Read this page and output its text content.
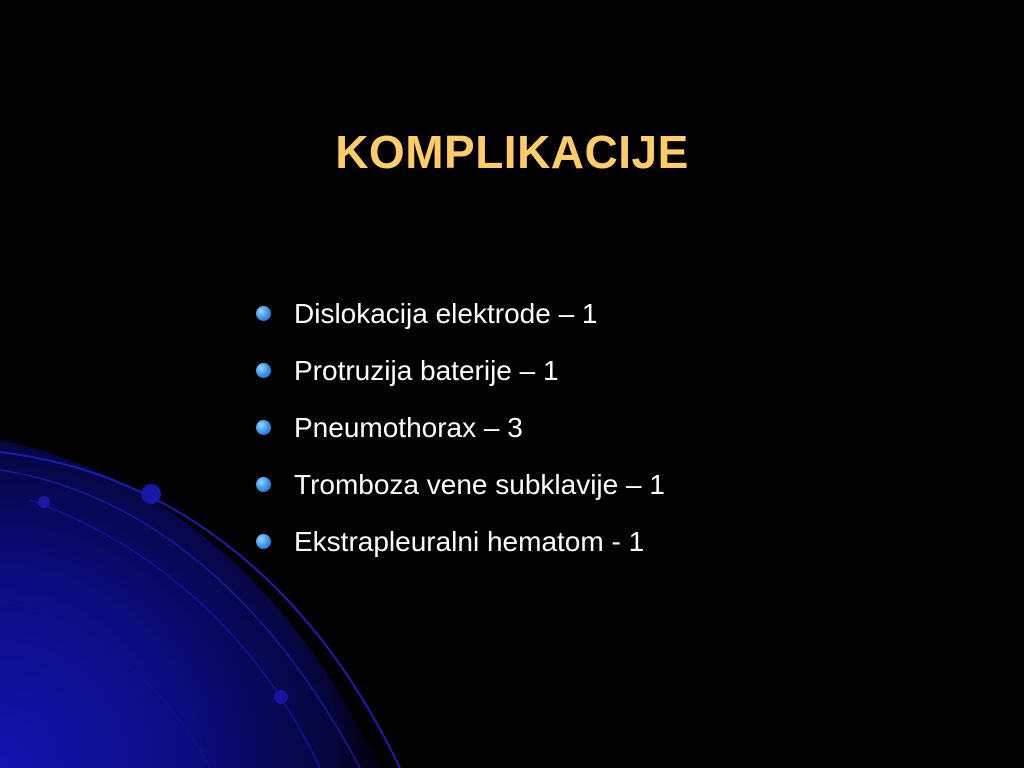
KOMPLIKACIJE
Dislokacija elektrode – 1
Protruzija baterije – 1
Pneumothorax – 3
Tromboza vene subklavije – 1
Ekstrapleuralni hematom - 1
